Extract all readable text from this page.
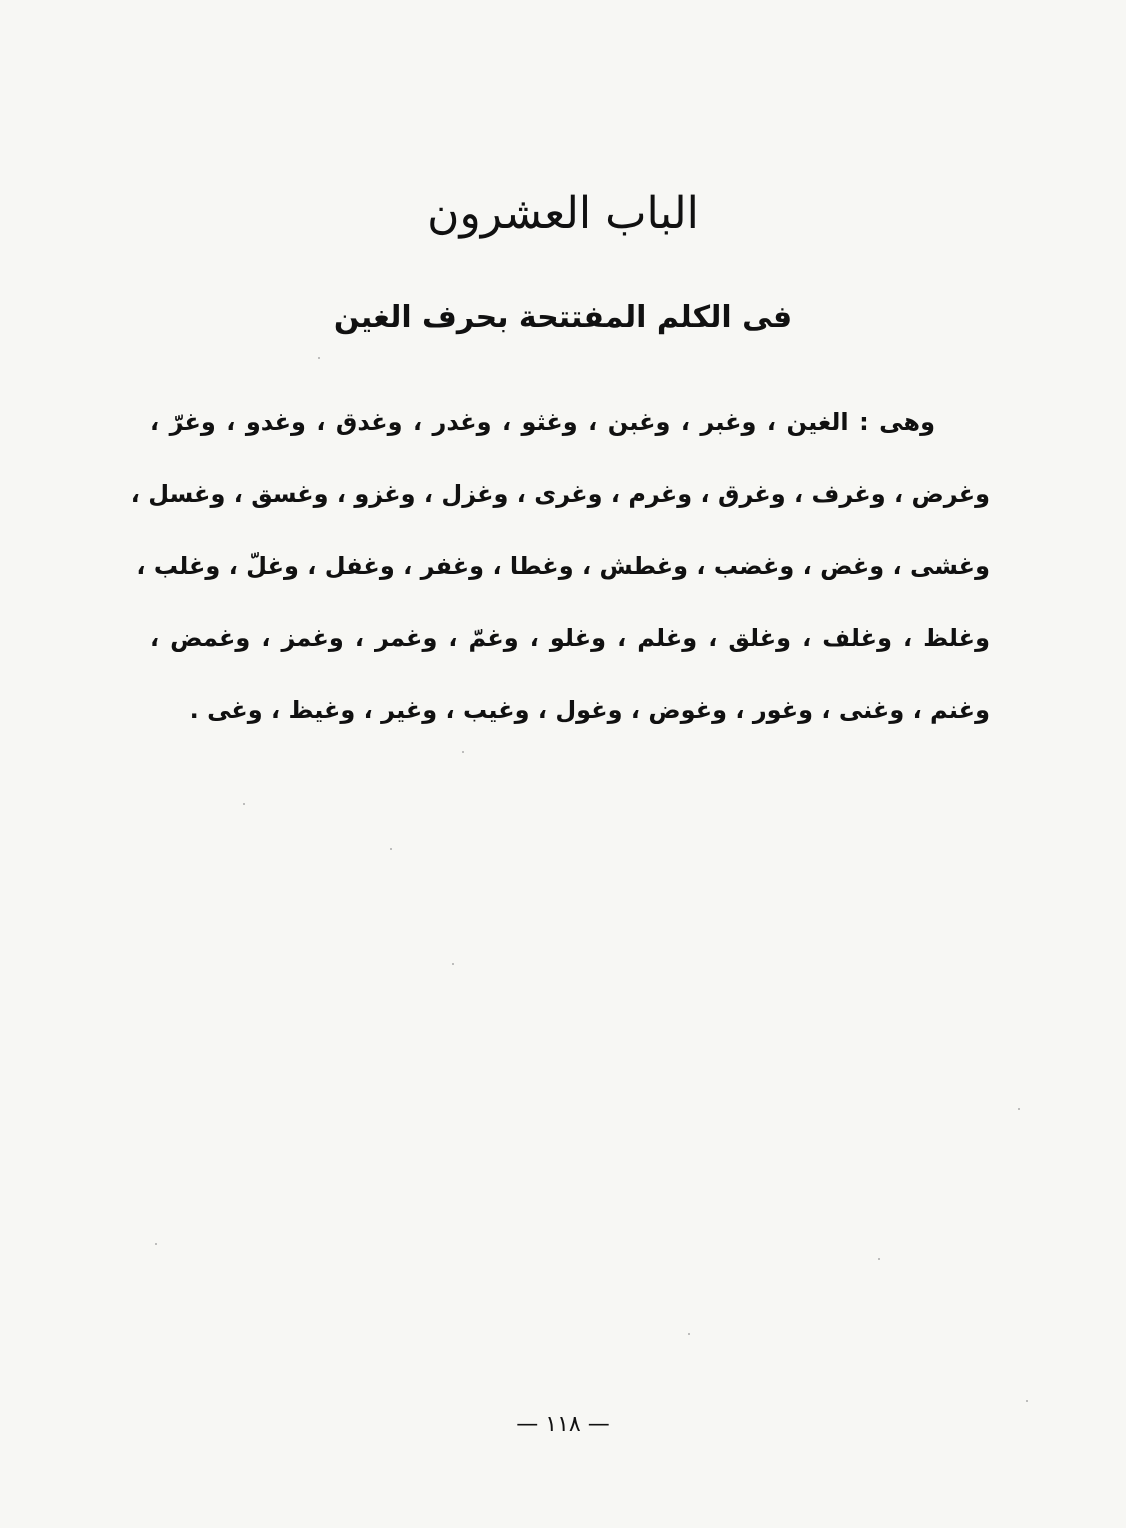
الباب العشرون
فى الكلم المفتتحة بحرف الغين
وهى : الغين ، وغبر ، وغبن ، وغثو ، وغدر ، وغدق ، وغدو ، وغرّ ،
وغرض ، وغرف ، وغرق ، وغرم ، وغرى ، وغزل ، وغزو ، وغسق ، وغسل ،
وغشى ، وغض ، وغضب ، وغطش ، وغطا ، وغفر ، وغفل ، وغلّ ، وغلب ،
وغلظ ، وغلف ، وغلق ، وغلم ، وغلو ، وغمّ ، وغمر ، وغمز ، وغمض ،
وغنم ، وغنى ، وغور ، وغوض ، وغول ، وغيب ، وغير ، وغيظ ، وغى .
— ١١٨ —
